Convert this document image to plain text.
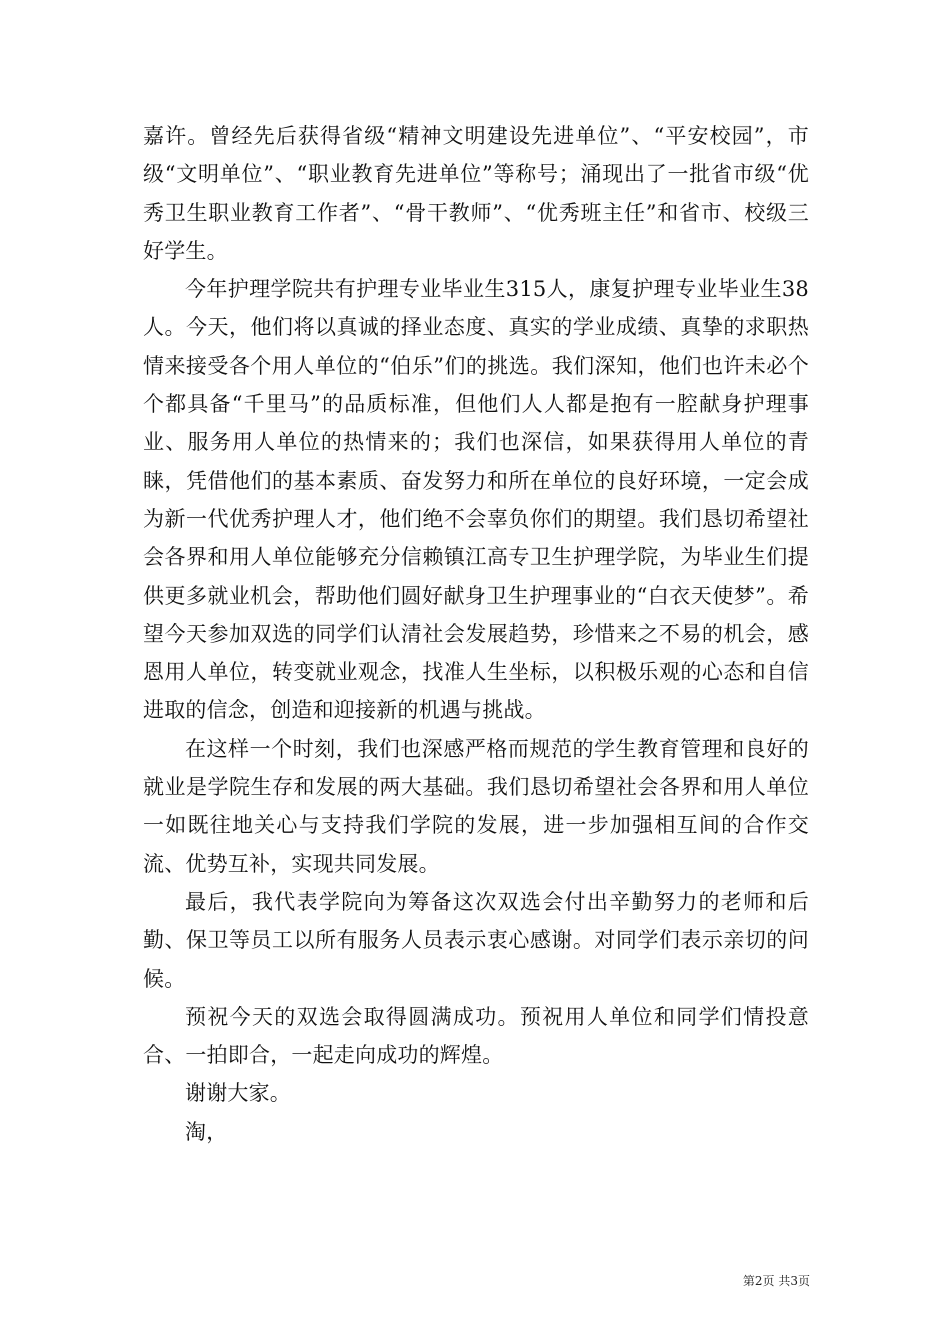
嘉许。曾经先后获得省级“精神文明建设先进单位”、“平安校园”，市级“文明单位”、“职业教育先进单位”等称号；涌现出了一批省市级“优秀卫生职业教育工作者”、“骨干教师”、“优秀班主任”和省市、校级三好学生。

今年护理学院共有护理专业毕业生315人，康复护理专业毕业生38人。今天，他们将以真诚的择业态度、真实的学业成绩、真挚的求职热情来接受各个用人单位的“伯乐”们的挑选。我们深知，他们也许未必个个都具备“千里马”的品质标准，但他们人人都是抱有一腔献身护理事业、服务用人单位的热情来的；我们也深信，如果获得用人单位的青睐，凭借他们的基本素质、奋发努力和所在单位的良好环境，一定会成为新一代优秀护理人才，他们绝不会辜负你们的期望。我们恳切希望社会各界和用人单位能够充分信赖镇江高专卫生护理学院，为毕业生们提供更多就业机会，帮助他们圆好献身卫生护理事业的“白衣天使梦”。希望今天参加双选的同学们认清社会发展趋势，珍惜来之不易的机会，感恩用人单位，转变就业观念，找准人生坐标，以积极乐观的心态和自信进取的信念，创造和迎接新的机遇与挑战。

在这样一个时刻，我们也深感严格而规范的学生教育管理和良好的就业是学院生存和发展的两大基础。我们恳切希望社会各界和用人单位一如既往地关心与支持我们学院的发展，进一步加强相互间的合作交流、优势互补，实现共同发展。

最后，我代表学院向为筹备这次双选会付出辛勤努力的老师和后勤、保卫等员工以所有服务人员表示衷心感谢。对同学们表示亲切的问候。

预祝今天的双选会取得圆满成功。预祝用人单位和同学们情投意合、一拍即合，一起走向成功的辉煌。

谢谢大家。

淘，

第2页 共3页
